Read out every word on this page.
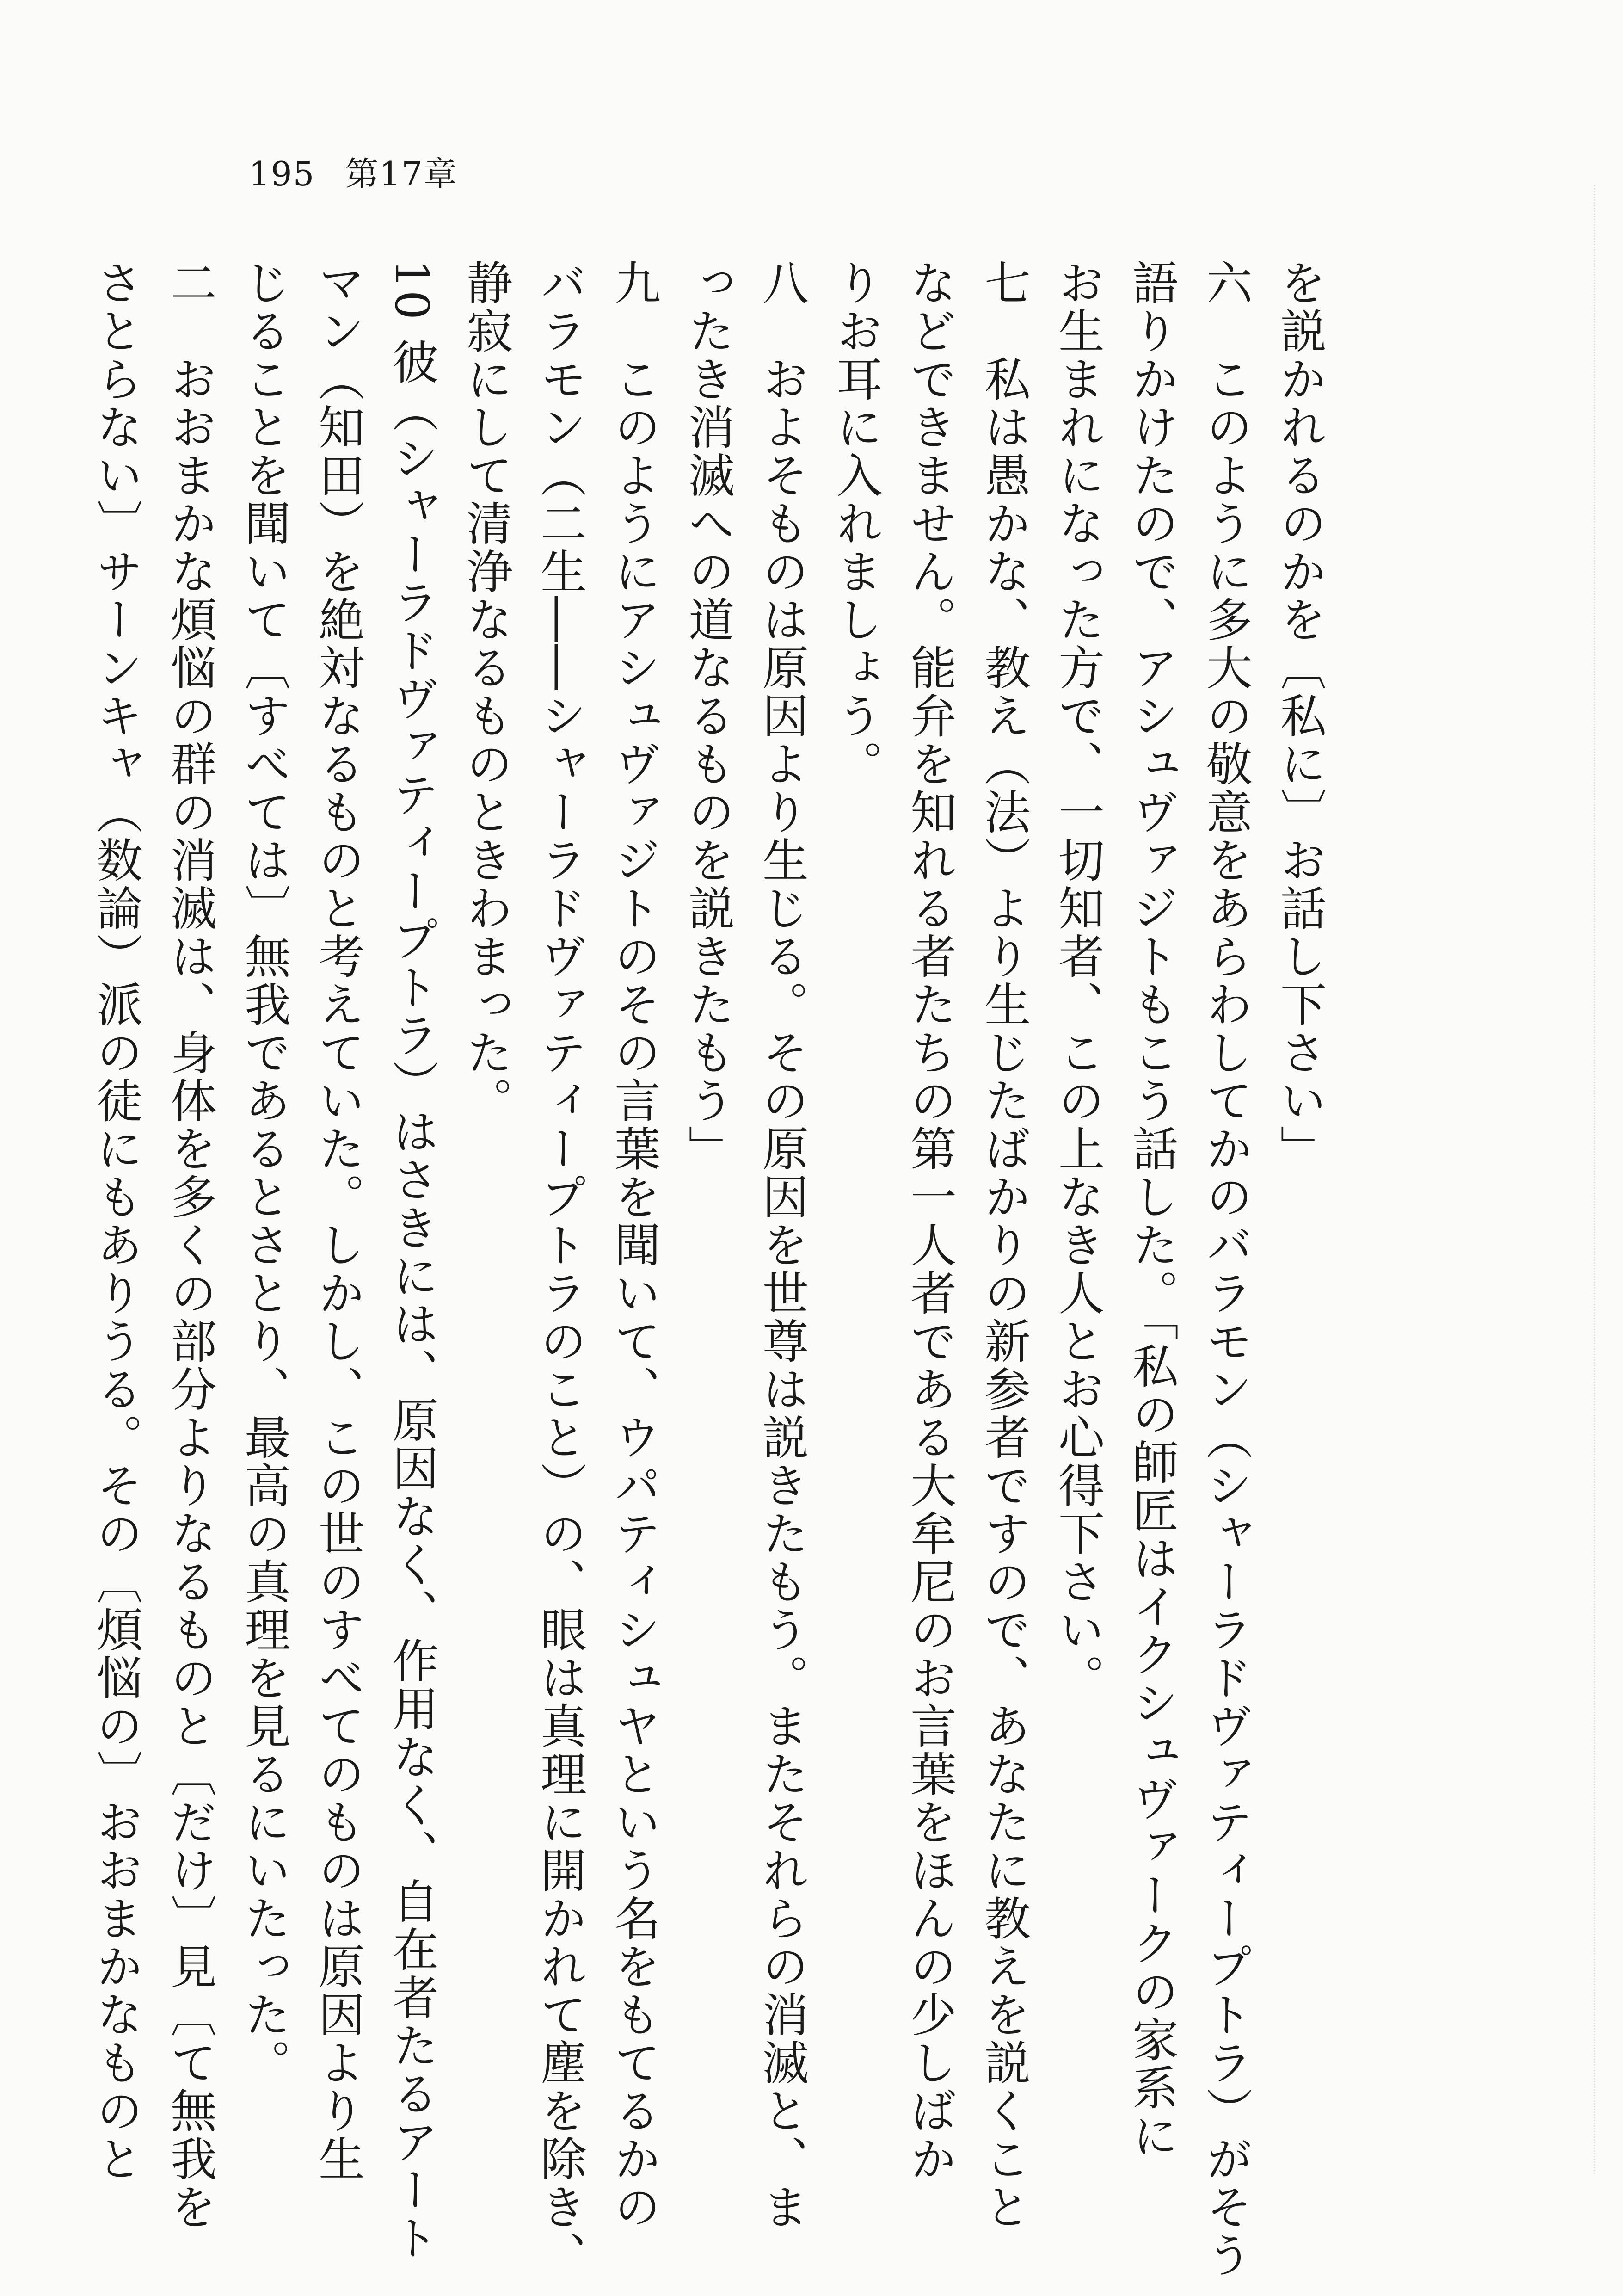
195 第17章
を説かれるのかを〔私に〕お話し下さい」
六　このように多大の敬意をあらわしてかのバラモン（シャーラドヴァティープトラ）がそう
語りかけたので、アシュヴァジトもこう話した。「私の師匠はイクシュヴァークの家系に
お生まれになった方で、一切知者、この上なき人とお心得下さい。
七　私は愚かな、教え（法）より生じたばかりの新参者ですので、あなたに教えを説くこと
などできません。能弁を知れる者たちの第一人者である大牟尼のお言葉をほんの少しばか
りお耳に入れましょう。
八　およそものは原因より生じる。その原因を世尊は説きたもう。またそれらの消滅と、ま
ったき消滅への道なるものを説きたもう」
九　このようにアシュヴァジトのその言葉を聞いて、ウパティシュヤという名をもてるかの
バラモン（二生――シャーラドヴァティープトラのこと）の、眼は真理に開かれて塵を除き、
静寂にして清浄なるものときわまった。
10 彼（シャーラドヴァティープトラ）はさきには、原因なく、作用なく、自在者たるアート
マン（知田）を絶対なるものと考えていた。しかし、この世のすべてのものは原因より生
じることを聞いて〔すべては〕無我であるとさとり、最高の真理を見るにいたった。
二　おおまかな煩悩の群の消滅は、身体を多くの部分よりなるものと〔だけ〕見〔て無我を
さとらない〕サーンキャ（数論）派の徒にもありうる。その〔煩悩の〕おおまかなものと
